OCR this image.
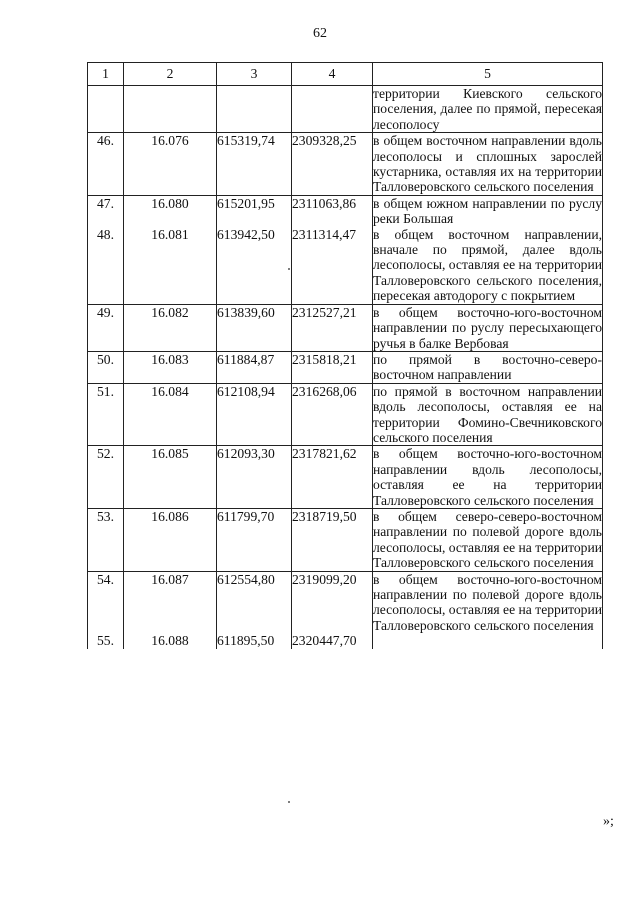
62
1	2	3	4	5
				территории Киевского сельского поселения, далее по прямой, пересекая лесополосу
46.	16.076	615319,74	2309328,25	в общем восточном направлении вдоль лесополосы и сплошных зарослей кустарника, оставляя их на территории Талловеровского сельского поселения
47.	16.080	615201,95	2311063,86	в общем южном направлении по руслу реки Большая
48.	16.081	613942,50	2311314,47	в общем восточном направлении, вначале по прямой, далее вдоль лесополосы, оставляя ее на территории Талловеровского сельского поселения, пересекая автодорогу с покрытием
49.	16.082	613839,60	2312527,21	в общем восточно-юго-восточном направлении по руслу пересыхающего ручья в балке Вербовая
50.	16.083	611884,87	2315818,21	по прямой в восточно-северо-восточном направлении
51.	16.084	612108,94	2316268,06	по прямой в восточном направлении вдоль лесополосы, оставляя ее на территории Фомино-Свечниковского сельского поселения
52.	16.085	612093,30	2317821,62	в общем восточно-юго-восточном направлении вдоль лесополосы, оставляя ее на территории Талловеровского сельского поселения
53.	16.086	611799,70	2318719,50	в общем северо-северо-восточном направлении по полевой дороге вдоль лесополосы, оставляя ее на территории Талловеровского сельского поселения
54.	16.087	612554,80	2319099,20	в общем восточно-юго-восточном направлении по полевой дороге вдоль лесополосы, оставляя ее на территории Талловеровского сельского поселения
55.	16.088	611895,50	2320447,70	
»;
